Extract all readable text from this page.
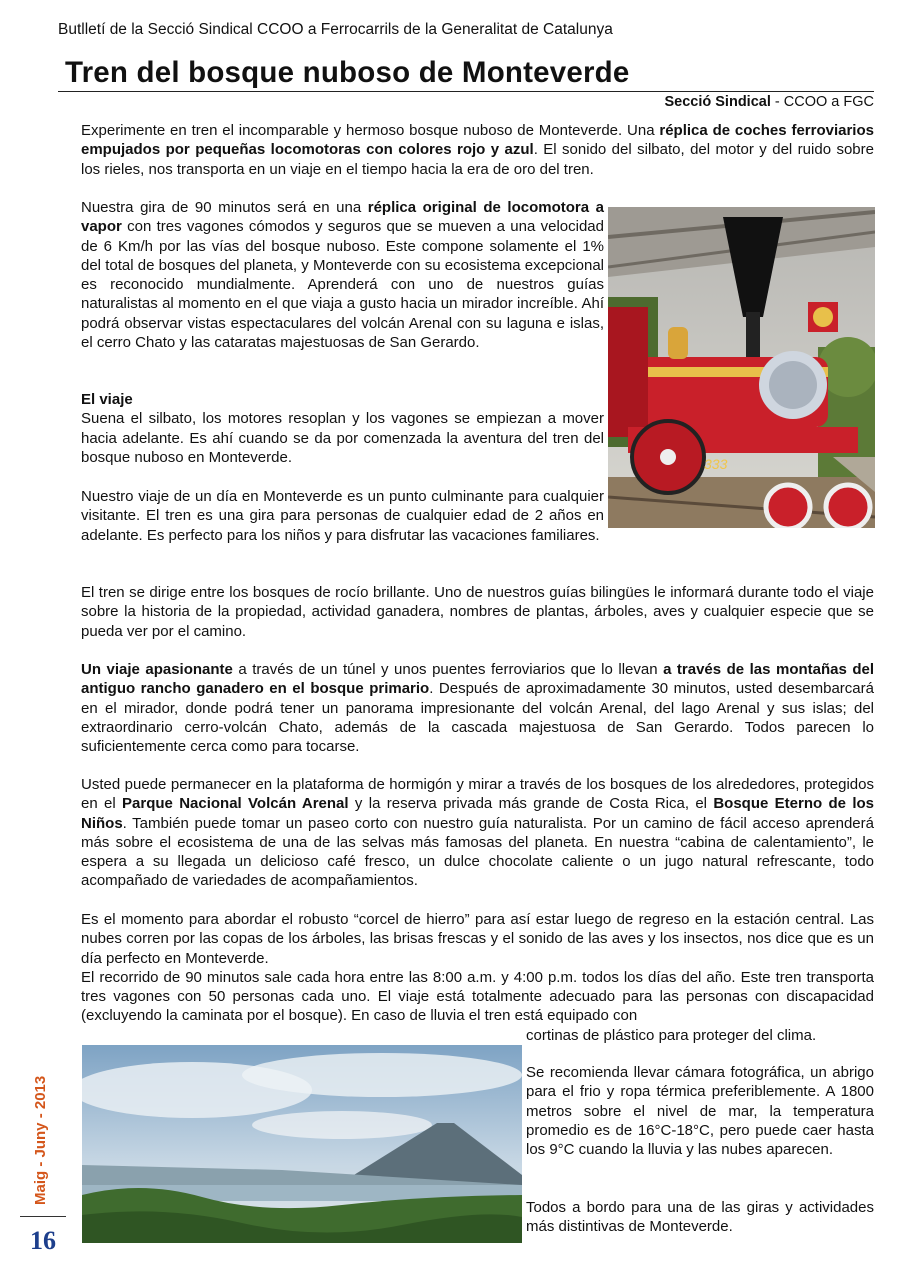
Butlletí de la Secció Sindical CCOO a Ferrocarrils de la Generalitat de Catalunya
Tren del bosque nuboso de Monteverde
Secció Sindical - CCOO a FGC

Experimente en tren el incomparable y hermoso bosque nuboso de Monteverde. Una réplica de coches ferroviarios empujados por pequeñas locomotoras con colores rojo y azul. El sonido del silbato, del motor y del ruido sobre los rieles, nos transporta en un viaje en el tiempo hacia la era de oro del tren.

Nuestra gira de 90 minutos será en una réplica original de locomotora a vapor con tres vagones cómodos y seguros que se mueven a una velocidad de 6 Km/h por las vías del bosque nuboso. Este compone solamente el 1% del total de bosques del planeta, y Monteverde con su ecosistema excepcional es reconocido mundialmente. Aprenderá con uno de nuestros guías naturalistas al momento en el que viaja a gusto hacia un mirador increíble. Ahí podrá observar vistas espectaculares del volcán Arenal con su laguna e islas, el cerro Chato y las cataratas majestuosas de San Gerardo.

333

El viaje
Suena el silbato, los motores resoplan y los vagones se empiezan a mover hacia adelante. Es ahí cuando se da por comenzada la aventura del tren del bosque nuboso en Monteverde.

Nuestro viaje de un día en Monteverde es un punto culminante para cualquier visitante. El tren es una gira para personas de cualquier edad de 2 años en adelante. Es perfecto para los niños y para disfrutar las vacaciones familiares.

El tren se dirige entre los bosques de rocío brillante. Uno de nuestros guías bilingües le informará durante todo el viaje sobre la historia de la propiedad, actividad ganadera, nombres de plantas, árboles, aves y cualquier especie que se pueda ver por el camino.

Un viaje apasionante a través de un túnel y unos puentes ferroviarios que lo llevan a través de las montañas del antiguo rancho ganadero en el bosque primario. Después de aproximadamente 30 minutos, usted desembarcará en el mirador, donde podrá tener un panorama impresionante del volcán Arenal, del lago Arenal y sus islas; del extraordinario cerro-volcán Chato, además de la cascada majestuosa de San Gerardo. Todos parecen lo suficientemente cerca como para tocarse.

Usted puede permanecer en la plataforma de hormigón y mirar a través de los bosques de los alrededores, protegidos en el Parque Nacional Volcán Arenal y la reserva privada más grande de Costa Rica, el Bosque Eterno de los Niños. También puede tomar un paseo corto con nuestro guía naturalista. Por un camino de fácil acceso aprenderá más sobre el ecosistema de una de las selvas más famosas del planeta. En nuestra “cabina de calentamiento”, le espera a su llegada un delicioso café fresco, un dulce chocolate caliente o un jugo natural refrescante, todo acompañado de variedades de acompañamientos.

Es el momento para abordar el robusto “corcel de hierro” para así estar luego de regreso en la estación central. Las nubes corren por las copas de los árboles, las brisas frescas y el sonido de las aves y los insectos, nos dice que es un día perfecto en Monteverde.
El recorrido de 90 minutos sale cada hora entre las 8:00 a.m. y 4:00 p.m. todos los días del año. Este tren transporta tres vagones con 50 personas cada uno. El viaje está totalmente adecuado para las personas con discapacidad (excluyendo la caminata por el bosque). En caso de lluvia el tren está equipado con

cortinas de plástico para proteger del clima.

Se recomienda llevar cámara fotográfica, un abrigo para el frio y ropa térmica preferiblemente. A 1800 metros sobre el nivel de mar, la temperatura promedio es de 16°C-18°C, pero puede caer hasta los 9°C cuando la lluvia y las nubes aparecen.

Todos a bordo para una de las giras y actividades más distintivas de Monteverde.

Maig - Juny - 2013
16
